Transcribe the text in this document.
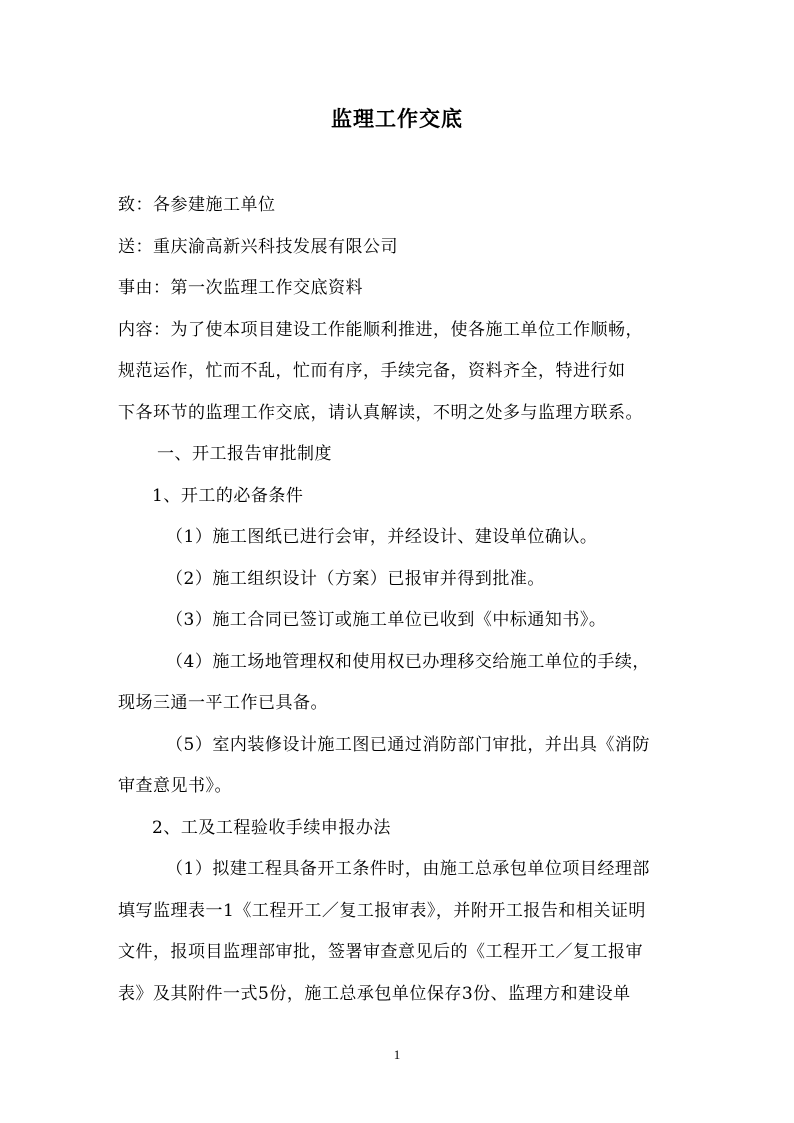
监理工作交底
致：各参建施工单位
送：重庆渝高新兴科技发展有限公司
事由：第一次监理工作交底资料
内容：为了使本项目建设工作能顺利推进，使各施工单位工作顺畅，
规范运作，忙而不乱，忙而有序，手续完备，资料齐全，特进行如
下各环节的监理工作交底，请认真解读，不明之处多与监理方联系。
一、开工报告审批制度
1、开工的必备条件
（1）施工图纸已进行会审，并经设计、建设单位确认。
（2）施工组织设计（方案）已报审并得到批准。
（3）施工合同已签订或施工单位已收到《中标通知书》。
（4）施工场地管理权和使用权已办理移交给施工单位的手续，
现场三通一平工作已具备。
（5）室内装修设计施工图已通过消防部门审批，并出具《消防
审查意见书》。
2、工及工程验收手续申报办法
（1）拟建工程具备开工条件时，由施工总承包单位项目经理部
填写监理表一1《工程开工／复工报审表》，并附开工报告和相关证明
文件，报项目监理部审批，签署审查意见后的《工程开工／复工报审
表》及其附件一式5份，施工总承包单位保存3份、监理方和建设单
1
